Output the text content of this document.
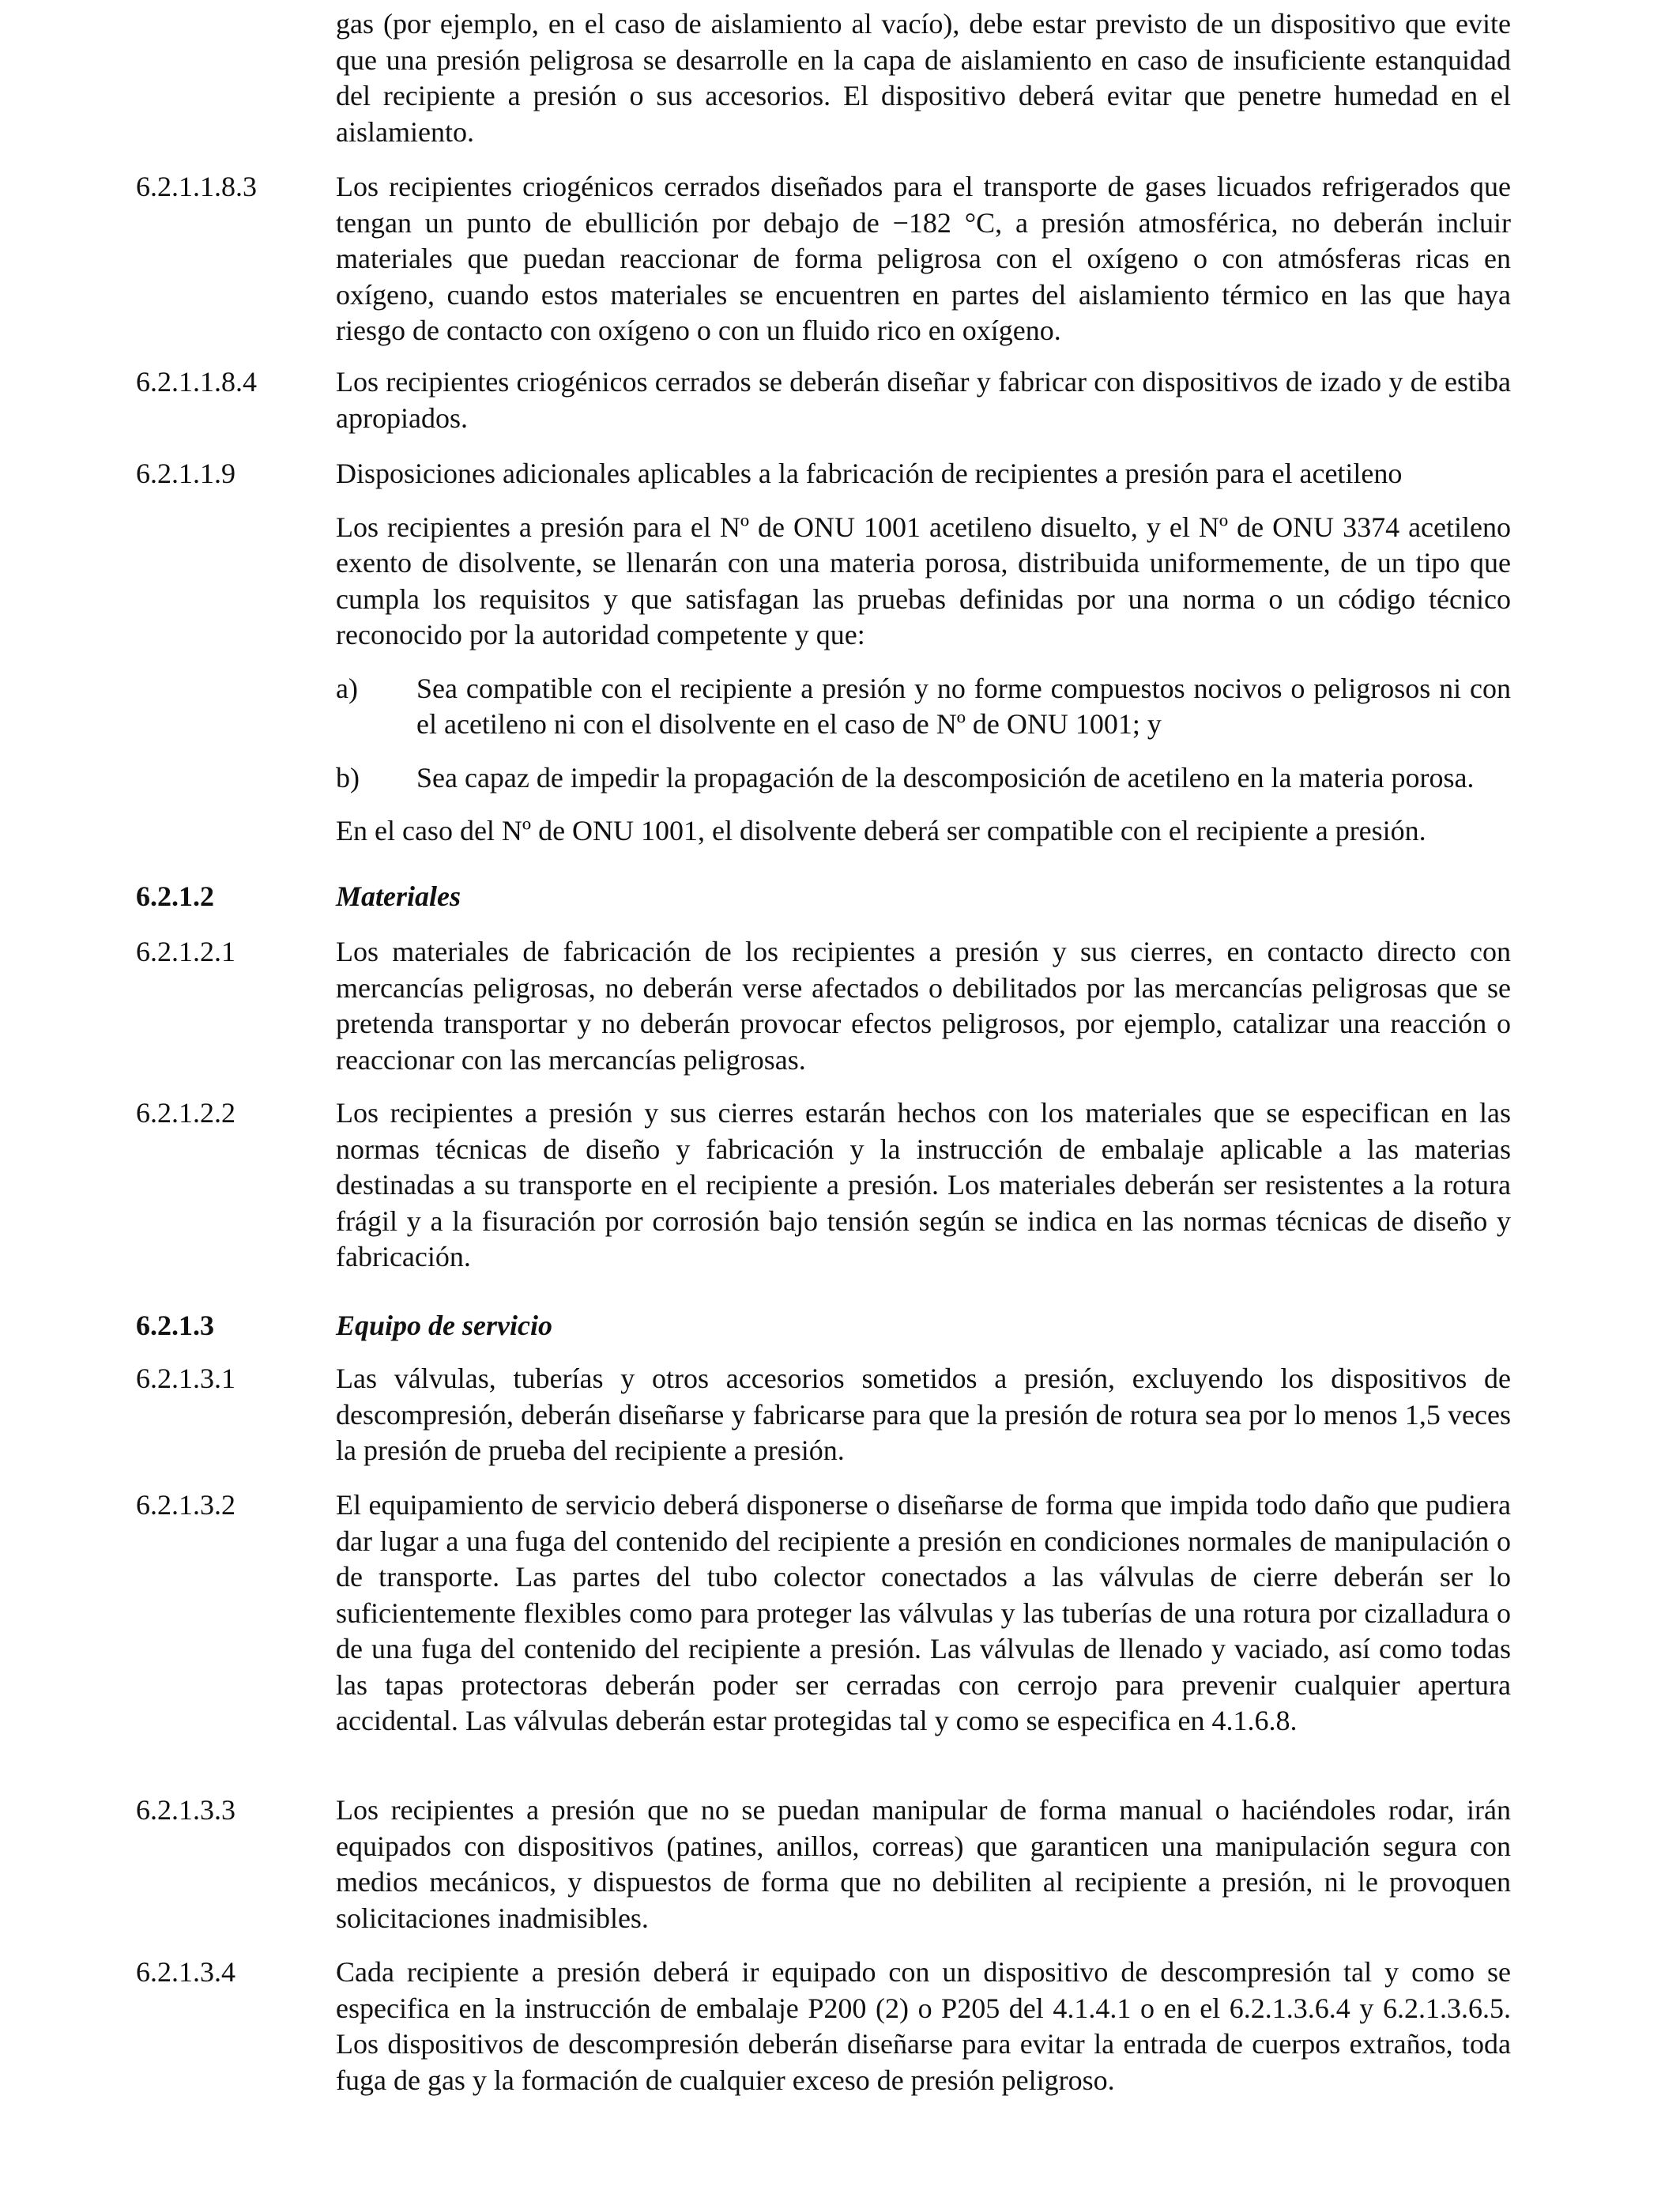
gas (por ejemplo, en el caso de aislamiento al vacío), debe estar previsto de un dispositivo que evite que una presión peligrosa se desarrolle en la capa de aislamiento en caso de insuficiente estanquidad del recipiente a presión o sus accesorios. El dispositivo deberá evitar que penetre humedad en el aislamiento.

6.2.1.1.8.3	Los recipientes criogénicos cerrados diseñados para el transporte de gases licuados refrigerados que tengan un punto de ebullición por debajo de −182 °C, a presión atmosférica, no deberán incluir materiales que puedan reaccionar de forma peligrosa con el oxígeno o con atmósferas ricas en oxígeno, cuando estos materiales se encuentren en partes del aislamiento térmico en las que haya riesgo de contacto con oxígeno o con un fluido rico en oxígeno.

6.2.1.1.8.4	Los recipientes criogénicos cerrados se deberán diseñar y fabricar con dispositivos de izado y de estiba apropiados.

6.2.1.1.9	Disposiciones adicionales aplicables a la fabricación de recipientes a presión para el acetileno

Los recipientes a presión para el Nº de ONU 1001 acetileno disuelto, y el Nº de ONU 3374 acetileno exento de disolvente, se llenarán con una materia porosa, distribuida uniformemente, de un tipo que cumpla los requisitos y que satisfagan las pruebas definidas por una norma o un código técnico reconocido por la autoridad competente y que:

a)	Sea compatible con el recipiente a presión y no forme compuestos nocivos o peligrosos ni con el acetileno ni con el disolvente en el caso de Nº de ONU 1001; y
b)	Sea capaz de impedir la propagación de la descomposición de acetileno en la materia porosa.

En el caso del Nº de ONU 1001, el disolvente deberá ser compatible con el recipiente a presión.

6.2.1.2	Materiales
6.2.1.2.1	Los materiales de fabricación de los recipientes a presión y sus cierres, en contacto directo con mercancías peligrosas, no deberán verse afectados o debilitados por las mercancías peligrosas que se pretenda transportar y no deberán provocar efectos peligrosos, por ejemplo, catalizar una reacción o reaccionar con las mercancías peligrosas.

6.2.1.2.2	Los recipientes a presión y sus cierres estarán hechos con los materiales que se especifican en las normas técnicas de diseño y fabricación y la instrucción de embalaje aplicable a las materias destinadas a su transporte en el recipiente a presión. Los materiales deberán ser resistentes a la rotura frágil y a la fisuración por corrosión bajo tensión según se indica en las normas técnicas de diseño y fabricación.

6.2.1.3	Equipo de servicio
6.2.1.3.1	Las válvulas, tuberías y otros accesorios sometidos a presión, excluyendo los dispositivos de descompresión, deberán diseñarse y fabricarse para que la presión de rotura sea por lo menos 1,5 veces la presión de prueba del recipiente a presión.

6.2.1.3.2	El equipamiento de servicio deberá disponerse o diseñarse de forma que impida todo daño que pudiera dar lugar a una fuga del contenido del recipiente a presión en condiciones normales de manipulación o de transporte. Las partes del tubo colector conectados a las válvulas de cierre deberán ser lo suficientemente flexibles como para proteger las válvulas y las tuberías de una rotura por cizalladura o de una fuga del contenido del recipiente a presión. Las válvulas de llenado y vaciado, así como todas las tapas protectoras deberán poder ser cerradas con cerrojo para prevenir cualquier apertura accidental. Las válvulas deberán estar protegidas tal y como se especifica en 4.1.6.8.

6.2.1.3.3	Los recipientes a presión que no se puedan manipular de forma manual o haciéndoles rodar, irán equipados con dispositivos (patines, anillos, correas) que garanticen una manipulación segura con medios mecánicos, y dispuestos de forma que no debiliten al recipiente a presión, ni le provoquen solicitaciones inadmisibles.

6.2.1.3.4	Cada recipiente a presión deberá ir equipado con un dispositivo de descompresión tal y como se especifica en la instrucción de embalaje P200 (2) o P205 del 4.1.4.1 o en el 6.2.1.3.6.4 y 6.2.1.3.6.5. Los dispositivos de descompresión deberán diseñarse para evitar la entrada de cuerpos extraños, toda fuga de gas y la formación de cualquier exceso de presión peligroso.
